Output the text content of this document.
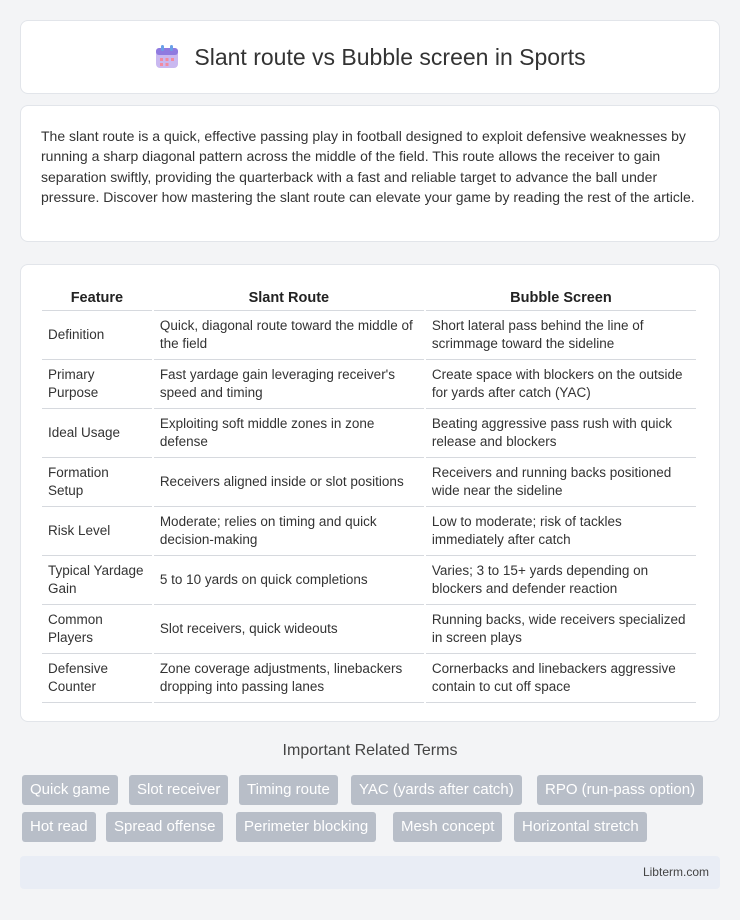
Slant route vs Bubble screen in Sports

The slant route is a quick, effective passing play in football designed to exploit defensive weaknesses by running a sharp diagonal pattern across the middle of the field. This route allows the receiver to gain separation swiftly, providing the quarterback with a fast and reliable target to advance the ball under pressure. Discover how mastering the slant route can elevate your game by reading the rest of the article.

Feature	Slant Route	Bubble Screen
Definition	Quick, diagonal route toward the middle of the field	Short lateral pass behind the line of scrimmage toward the sideline
Primary Purpose	Fast yardage gain leveraging receiver's speed and timing	Create space with blockers on the outside for yards after catch (YAC)
Ideal Usage	Exploiting soft middle zones in zone defense	Beating aggressive pass rush with quick release and blockers
Formation Setup	Receivers aligned inside or slot positions	Receivers and running backs positioned wide near the sideline
Risk Level	Moderate; relies on timing and quick decision-making	Low to moderate; risk of tackles immediately after catch
Typical Yardage Gain	5 to 10 yards on quick completions	Varies; 3 to 15+ yards depending on blockers and defender reaction
Common Players	Slot receivers, quick wideouts	Running backs, wide receivers specialized in screen plays
Defensive Counter	Zone coverage adjustments, linebackers dropping into passing lanes	Cornerbacks and linebackers aggressive contain to cut off space
Important Related Terms
Quick game	Slot receiver	Timing route	YAC (yards after catch)	RPO (run-pass option)
Hot read	Spread offense	Perimeter blocking	Mesh concept	Horizontal stretch
Libterm.com
